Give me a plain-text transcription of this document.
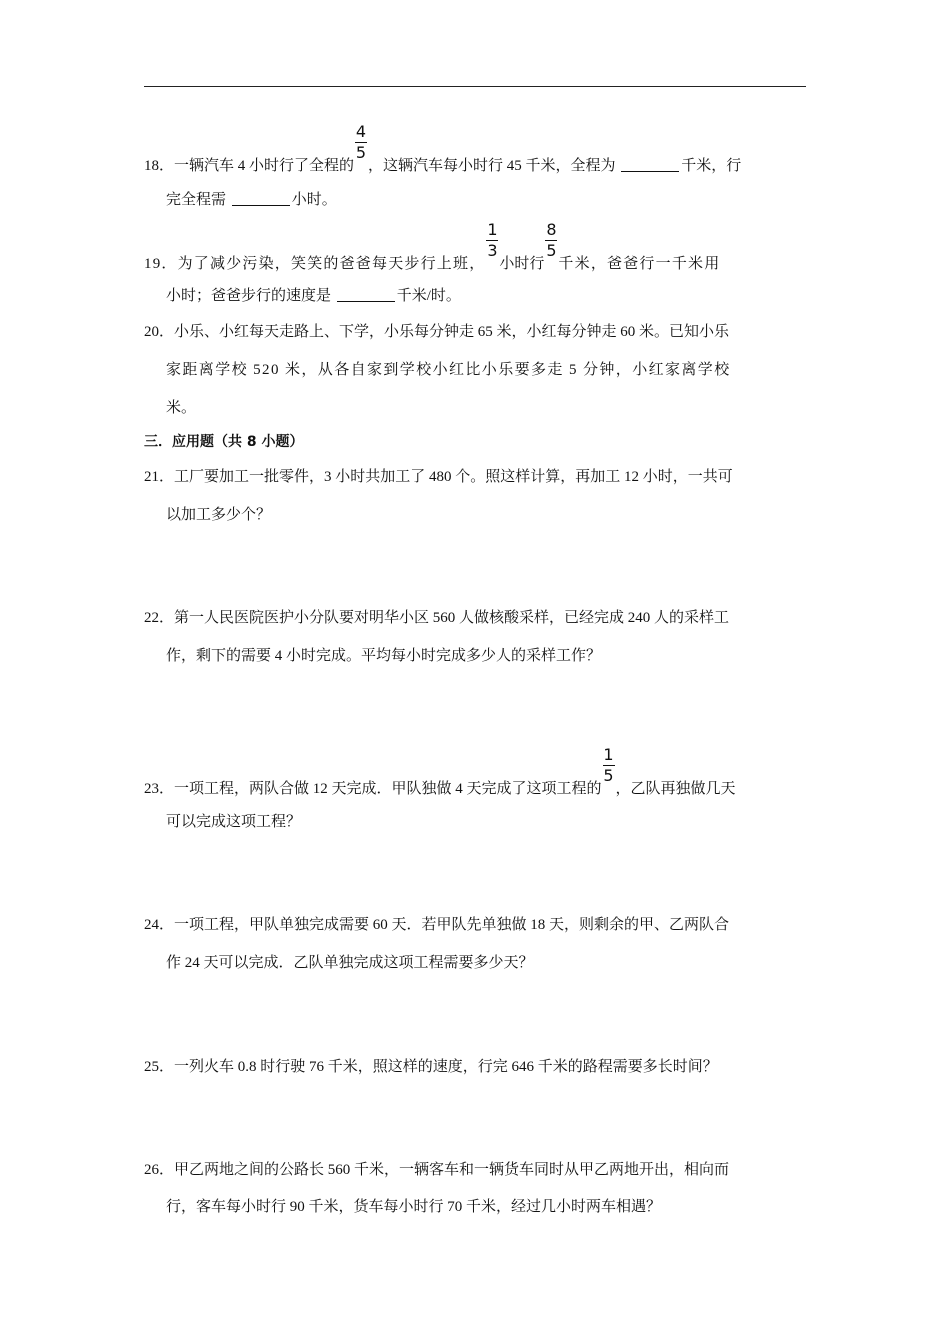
18．一辆汽车 4 小时行了全程的 $\frac{4}{5}$ ，这辆汽车每小时行 45 千米，全程为	千米，行
完全程需	小时。
19．为了减少污染，笑笑的爸爸每天步行上班， $\frac{1}{3}$ 小时行 $\frac{8}{5}$ 千米，爸爸行一千米用
小时；爸爸步行的速度是	千米/时。
20．小乐、小红每天走路上、下学，小乐每分钟走 65 米，小红每分钟走 60 米。已知小乐
家距离学校 520 米，从各自家到学校小红比小乐要多走 5 分钟，小红家离学校
米。
三．应用题（共 8 小题）
21．工厂要加工一批零件，3 小时共加工了 480 个。照这样计算，再加工 12 小时，一共可
以加工多少个？
22．第一人民医院医护小分队要对明华小区 560 人做核酸采样，已经完成 240 人的采样工
作，剩下的需要 4 小时完成。平均每小时完成多少人的采样工作？
23．一项工程，两队合做 12 天完成．甲队独做 4 天完成了这项工程的 $\frac{1}{5}$ ，乙队再独做几天
可以完成这项工程？
24．一项工程，甲队单独完成需要 60 天．若甲队先单独做 18 天，则剩余的甲、乙两队合
作 24 天可以完成．乙队单独完成这项工程需要多少天？
25．一列火车 0.8 时行驶 76 千米，照这样的速度，行完 646 千米的路程需要多长时间？
26．甲乙两地之间的公路长 560 千米，一辆客车和一辆货车同时从甲乙两地开出，相向而
行，客车每小时行 90 千米，货车每小时行 70 千米，经过几小时两车相遇？
